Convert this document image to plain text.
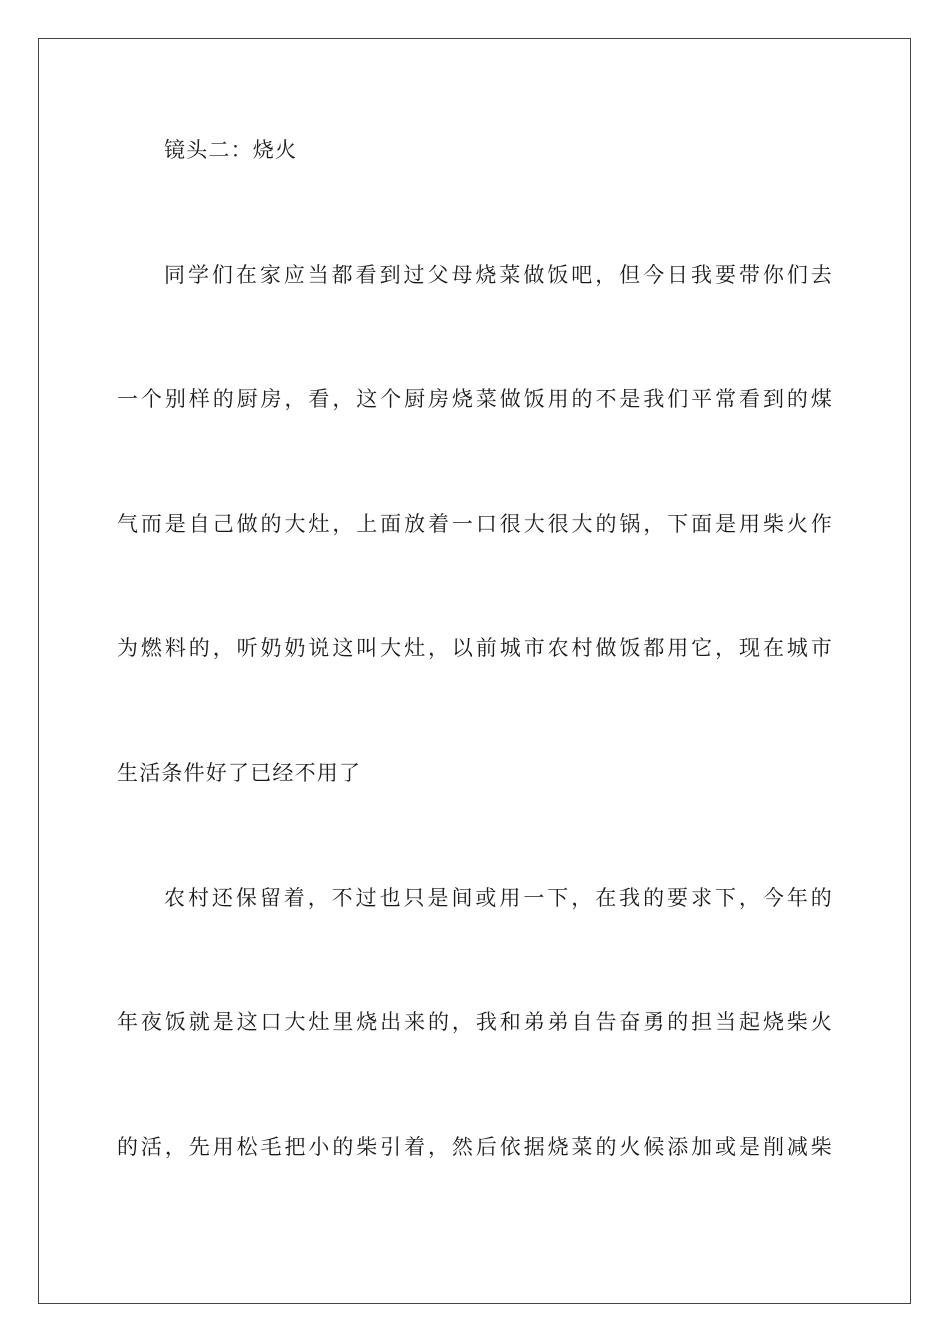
镜头二：烧火
同学们在家应当都看到过父母烧菜做饭吧，但今日我要带你们去
一个别样的厨房，看，这个厨房烧菜做饭用的不是我们平常看到的煤
气而是自己做的大灶，上面放着一口很大很大的锅，下面是用柴火作
为燃料的，听奶奶说这叫大灶，以前城市农村做饭都用它，现在城市
生活条件好了已经不用了
农村还保留着，不过也只是间或用一下，在我的要求下，今年的
年夜饭就是这口大灶里烧出来的，我和弟弟自告奋勇的担当起烧柴火
的活，先用松毛把小的柴引着，然后依据烧菜的火候添加或是削减柴
